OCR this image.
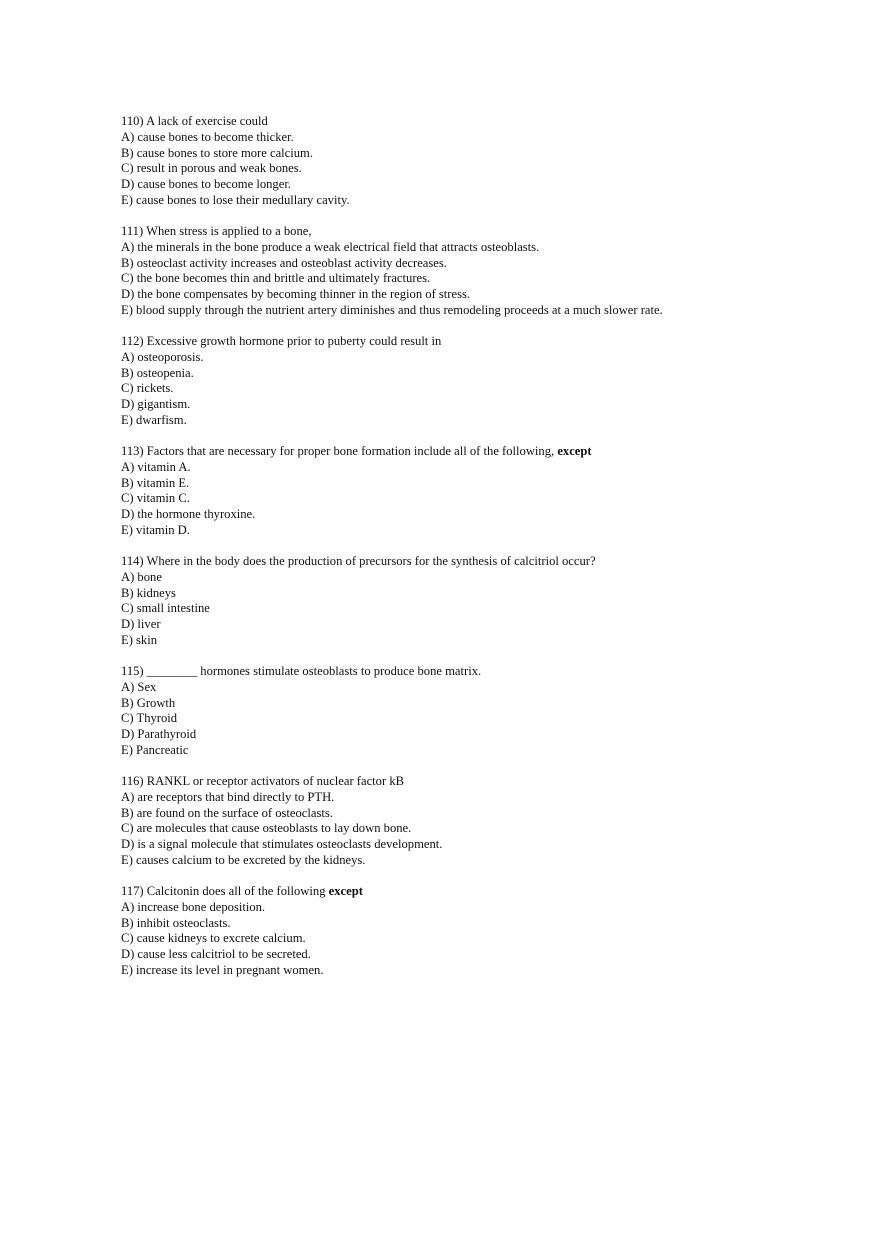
110) A lack of exercise could
A) cause bones to become thicker.
B) cause bones to store more calcium.
C) result in porous and weak bones.
D) cause bones to become longer.
E) cause bones to lose their medullary cavity.
111) When stress is applied to a bone,
A) the minerals in the bone produce a weak electrical field that attracts osteoblasts.
B) osteoclast activity increases and osteoblast activity decreases.
C) the bone becomes thin and brittle and ultimately fractures.
D) the bone compensates by becoming thinner in the region of stress.
E) blood supply through the nutrient artery diminishes and thus remodeling proceeds at a much slower rate.
112) Excessive growth hormone prior to puberty could result in
A) osteoporosis.
B) osteopenia.
C) rickets.
D) gigantism.
E) dwarfism.
113) Factors that are necessary for proper bone formation include all of the following, except
A) vitamin A.
B) vitamin E.
C) vitamin C.
D) the hormone thyroxine.
E) vitamin D.
114) Where in the body does the production of precursors for the synthesis of calcitriol occur?
A) bone
B) kidneys
C) small intestine
D) liver
E) skin
115) ________ hormones stimulate osteoblasts to produce bone matrix.
A) Sex
B) Growth
C) Thyroid
D) Parathyroid
E) Pancreatic
116) RANKL or receptor activators of nuclear factor kB
A) are receptors that bind directly to PTH.
B) are found on the surface of osteoclasts.
C) are molecules that cause osteoblasts to lay down bone.
D) is a signal molecule that stimulates osteoclasts development.
E) causes calcium to be excreted by the kidneys.
117) Calcitonin does all of the following except
A) increase bone deposition.
B) inhibit osteoclasts.
C) cause kidneys to excrete calcium.
D) cause less calcitriol to be secreted.
E) increase its level in pregnant women.
